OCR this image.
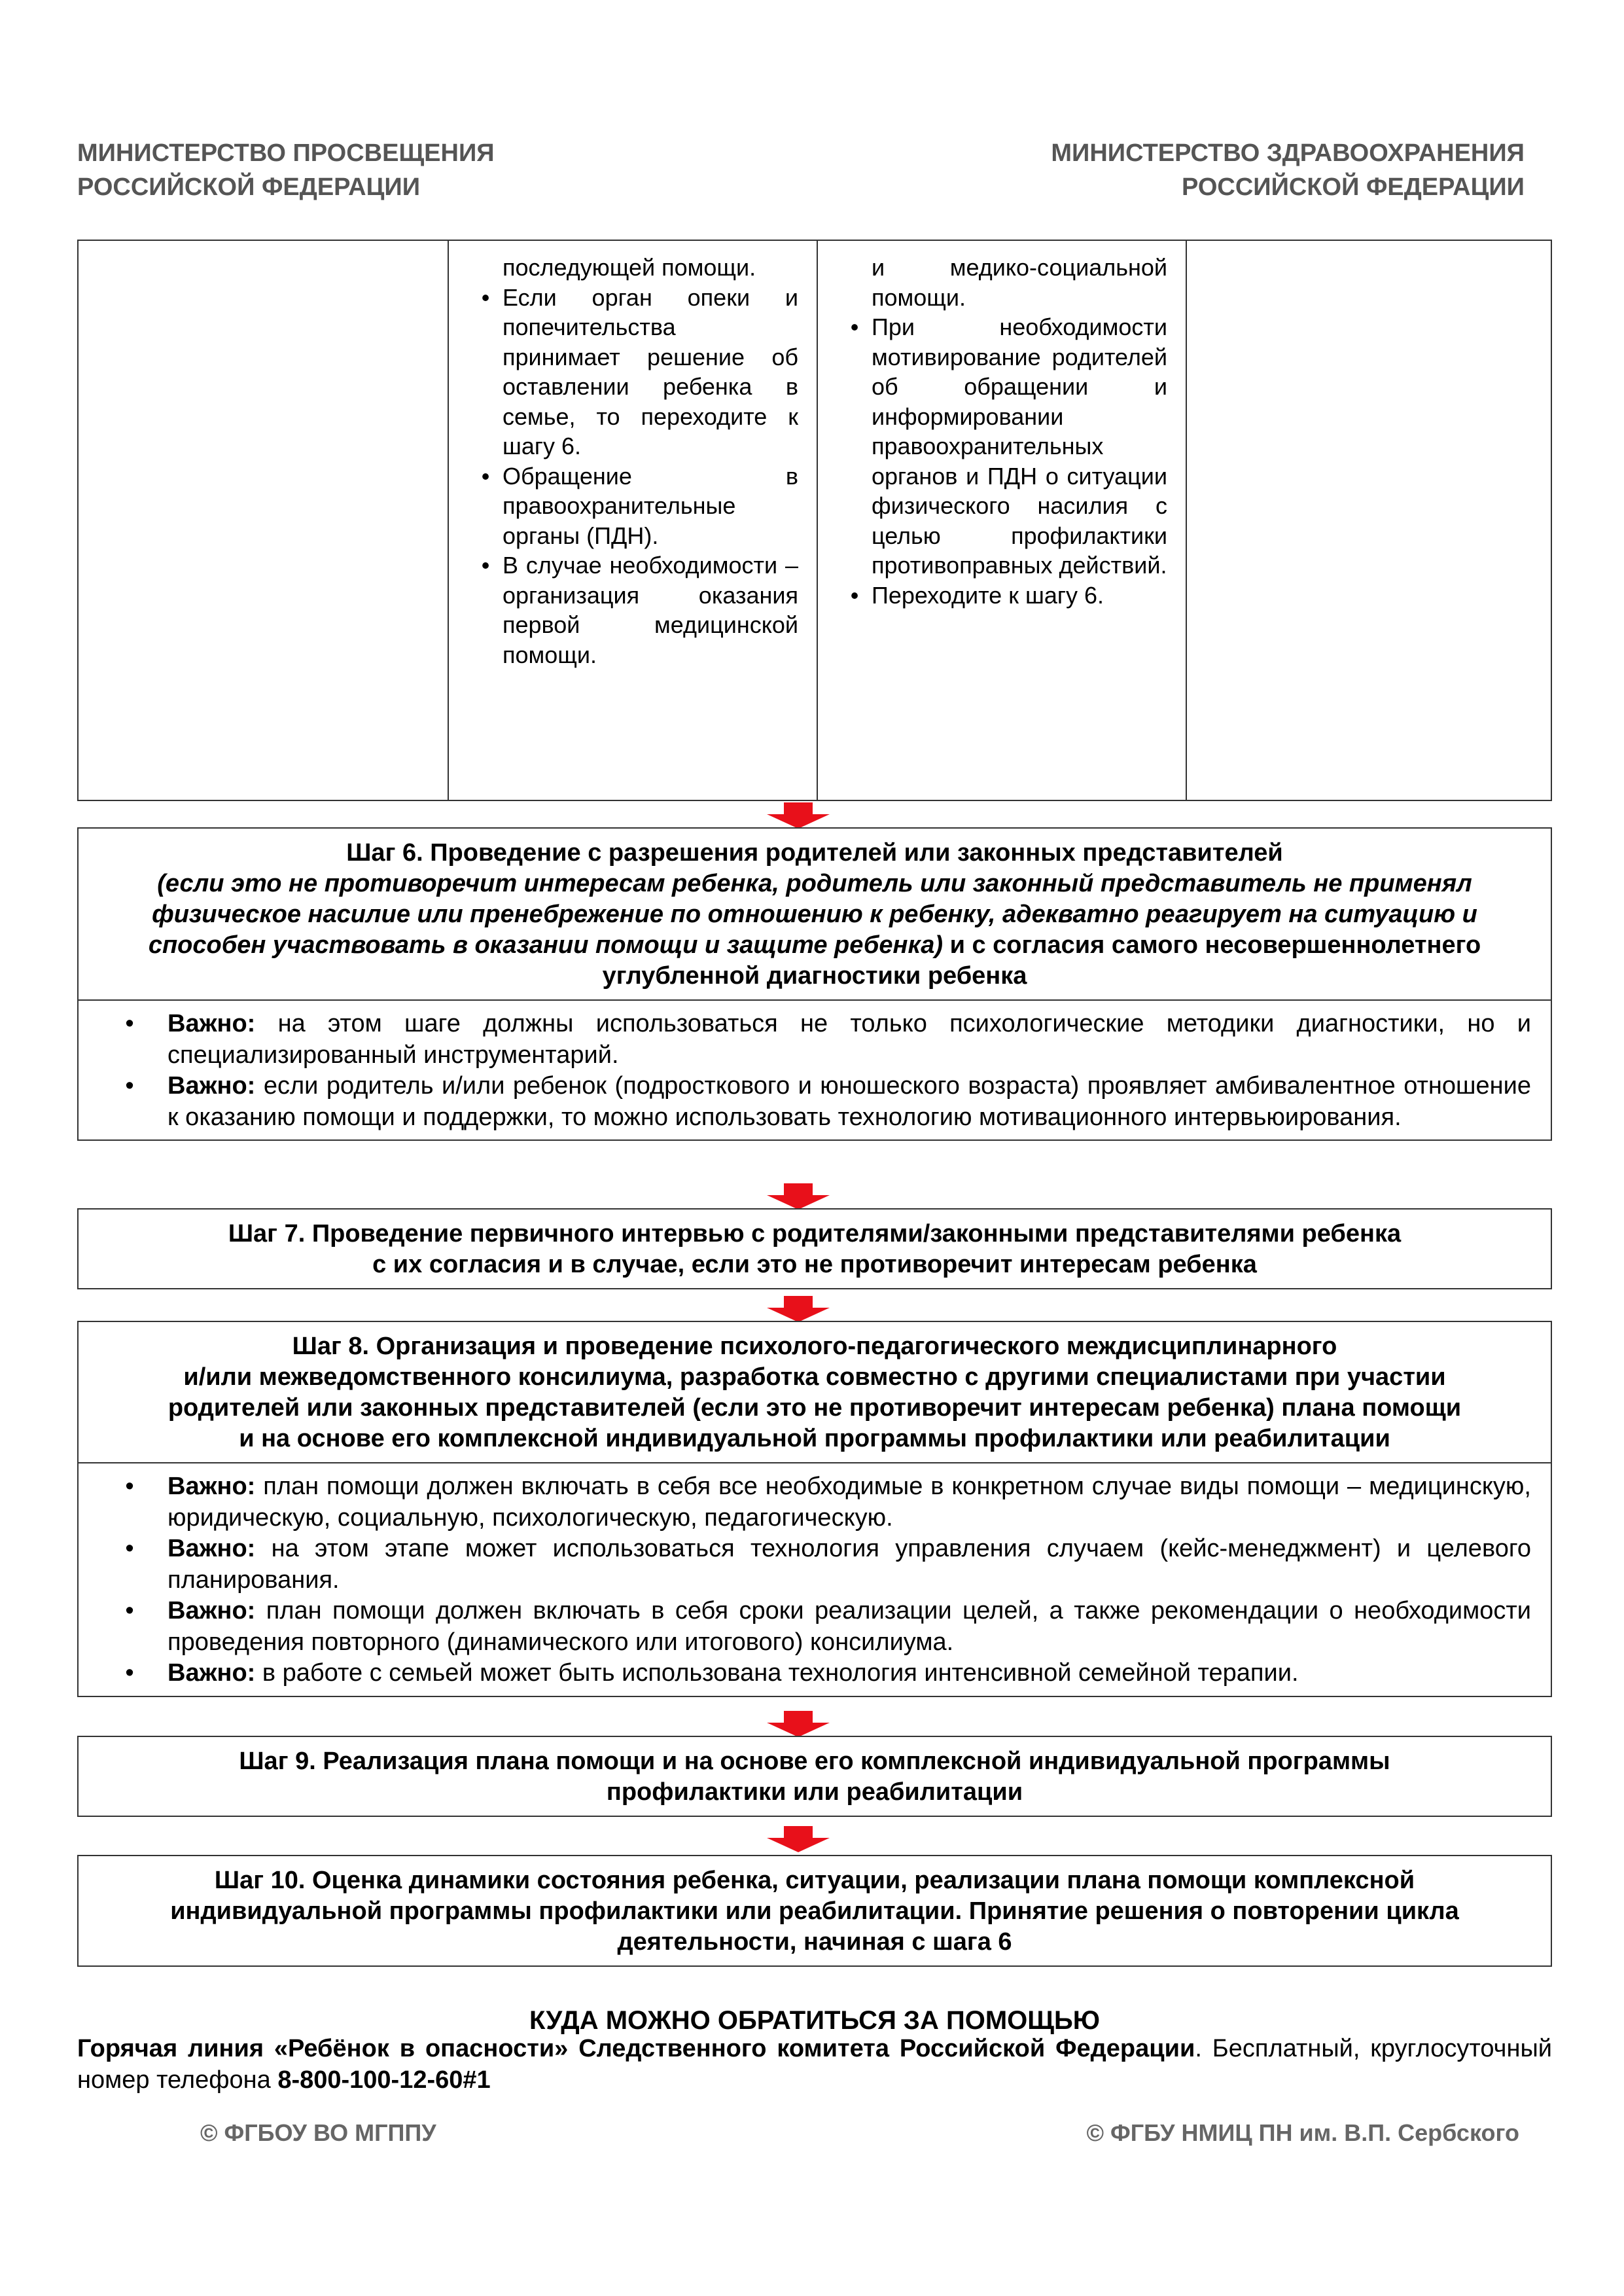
МИНИСТЕРСТВО ПРОСВЕЩЕНИЯ
РОССИЙСКОЙ ФЕДЕРАЦИИ
МИНИСТЕРСТВО ЗДРАВООХРАНЕНИЯ
РОССИЙСКОЙ ФЕДЕРАЦИИ
последующей помощи.
• Если орган опеки и попечительства принимает решение об оставлении ребенка в семье, то переходите к шагу 6.
• Обращение в правоохранительные органы (ПДН).
• В случае необходимости – организация оказания первой медицинской помощи.
и медико-социальной помощи.
• При необходимости мотивирование родителей об обращении и информировании правоохранительных органов и ПДН о ситуации физического насилия с целью профилактики противоправных действий.
• Переходите к шагу 6.
Шаг 6. Проведение с разрешения родителей или законных представителей
(если это не противоречит интересам ребенка, родитель или законный представитель не применял физическое насилие или пренебрежение по отношению к ребенку, адекватно реагирует на ситуацию и способен участвовать в оказании помощи и защите ребенка) и с согласия самого несовершеннолетнего углубленной диагностики ребенка
•	Важно: на этом шаге должны использоваться не только психологические методики диагностики, но и специализированный инструментарий.
•	Важно: если родитель и/или ребенок (подросткового и юношеского возраста) проявляет амбивалентное отношение к оказанию помощи и поддержки, то можно использовать технологию мотивационного интервьюирования.
Шаг 7. Проведение первичного интервью с родителями/законными представителями ребенка
с их согласия и в случае, если это не противоречит интересам ребенка
Шаг 8. Организация и проведение психолого-педагогического междисциплинарного
и/или межведомственного консилиума, разработка совместно с другими специалистами при участии
родителей или законных представителей (если это не противоречит интересам ребенка) плана помощи
и на основе его комплексной индивидуальной программы профилактики или реабилитации
•	Важно: план помощи должен включать в себя все необходимые в конкретном случае виды помощи – медицинскую, юридическую, социальную, психологическую, педагогическую.
•	Важно: на этом этапе может использоваться технология управления случаем (кейс-менеджмент) и целевого планирования.
•	Важно: план помощи должен включать в себя сроки реализации целей, а также рекомендации о необходимости проведения повторного (динамического или итогового) консилиума.
•	Важно: в работе с семьей может быть использована технология интенсивной семейной терапии.
Шаг 9. Реализация плана помощи и на основе его комплексной индивидуальной программы
профилактики или реабилитации
Шаг 10. Оценка динамики состояния ребенка, ситуации, реализации плана помощи комплексной
индивидуальной программы профилактики или реабилитации. Принятие решения о повторении цикла
деятельности, начиная с шага 6
КУДА МОЖНО ОБРАТИТЬСЯ ЗА ПОМОЩЬЮ
Горячая линия «Ребёнок в опасности» Следственного комитета Российской Федерации. Бесплатный, круглосуточный номер телефона 8-800-100-12-60#1
© ФГБОУ ВО МГППУ	© ФГБУ НМИЦ ПН им. В.П. Сербского
